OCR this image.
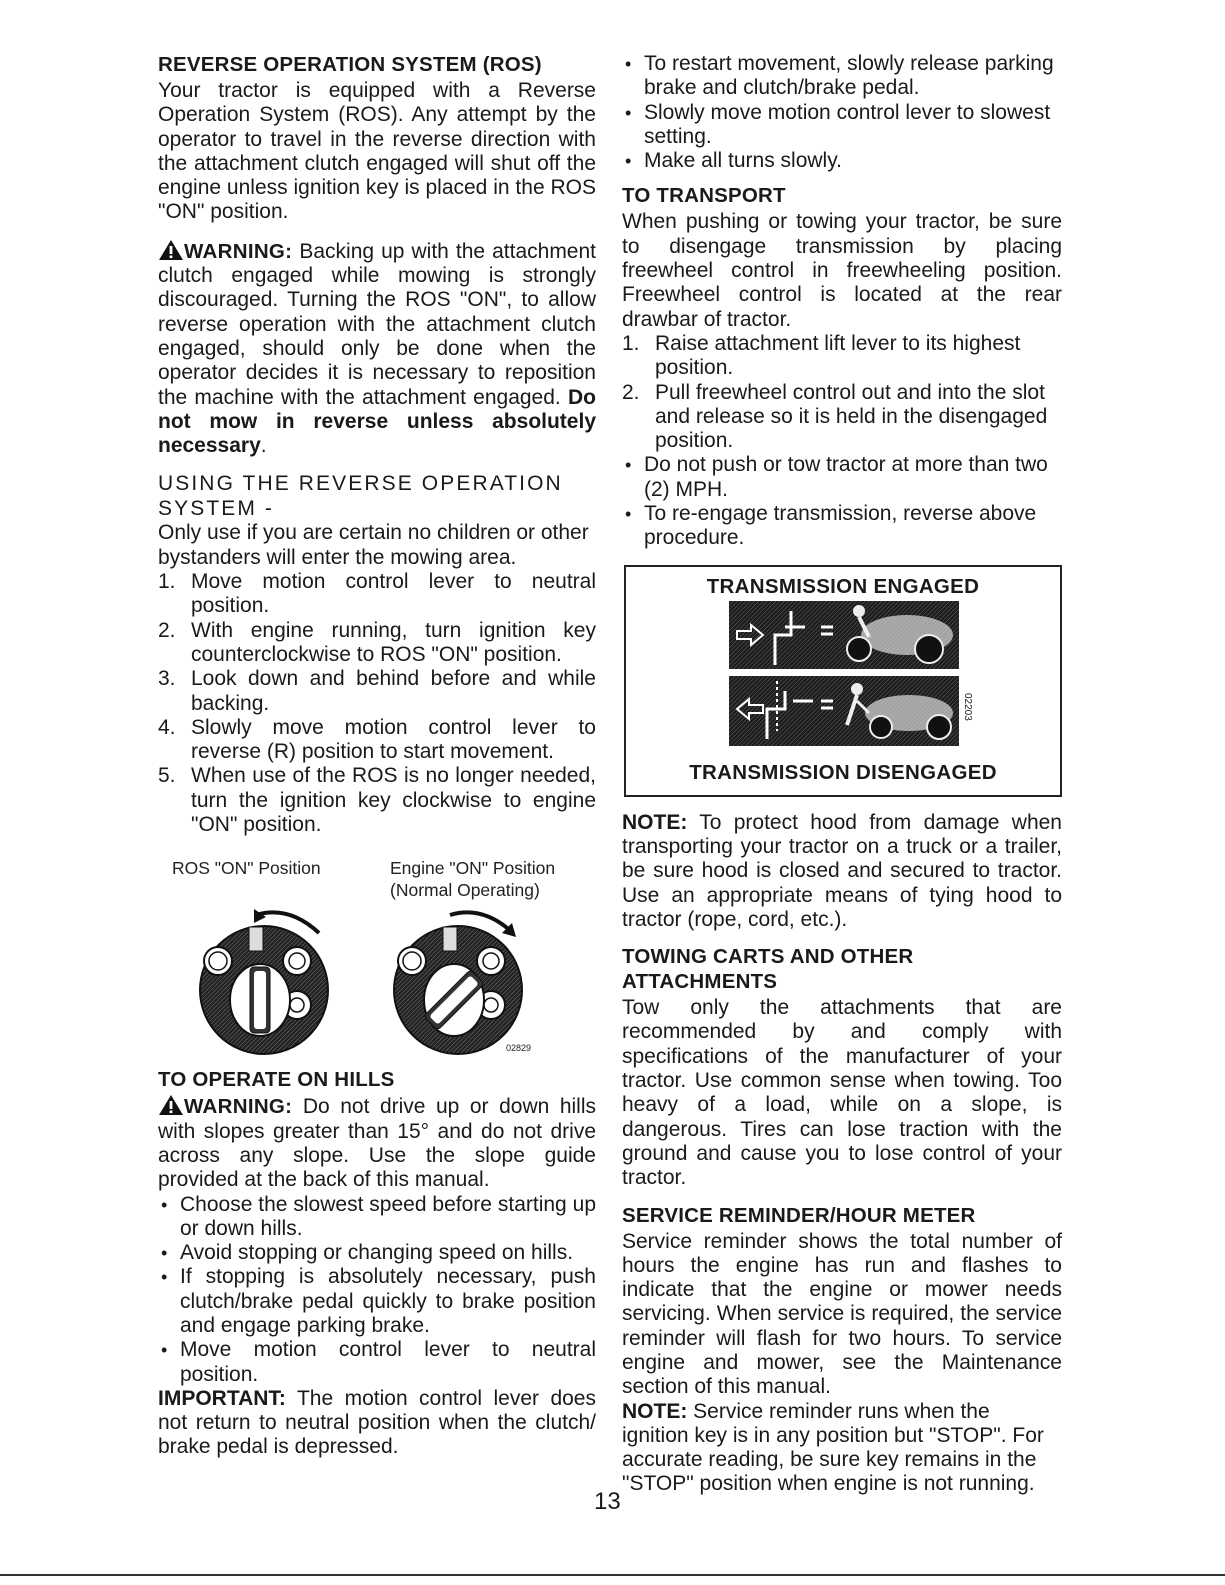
REVERSE OPERATION SYSTEM (ROS)

Your tractor is equipped with a Reverse Operation System (ROS). Any attempt by the operator to travel in the reverse direction with the attachment clutch engaged will shut off the engine unless ignition key is placed in the ROS "ON" position.

WARNING: Backing up with the attachment clutch engaged while mowing is strongly discouraged. Turning the ROS "ON", to allow reverse operation with the attachment clutch engaged, should only be done when the operator decides it is necessary to reposition the machine with the attachment engaged. Do not mow in reverse unless absolutely necessary.

USING THE REVERSE OPERATION SYSTEM -

Only use if you are certain no children or other bystanders will enter the mowing area.

1. Move motion control lever to neutral position.
2. With engine running, turn ignition key counterclockwise to ROS "ON" position.
3. Look down and behind before and while backing.
4. Slowly move motion control lever to reverse (R) position to start movement.
5. When use of the ROS is no longer needed, turn the ignition key clockwise to engine "ON" position.
ROS "ON" Position	Engine "ON" Position
(Normal Operating)
02829
TO OPERATE ON HILLS

WARNING: Do not drive up or down hills with slopes greater than 15° and do not drive across any slope. Use the slope guide provided at the back of this manual.

• Choose the slowest speed before starting up or down hills.
• Avoid stopping or changing speed on hills.
• If stopping is absolutely necessary, push clutch/brake pedal quickly to brake position and engage parking brake.
• Move motion control lever to neutral position.

IMPORTANT: The motion control lever does not return to neutral position when the clutch/ brake pedal is depressed.

• To restart movement, slowly release parking brake and clutch/brake pedal.
• Slowly move motion control lever to slowest setting.
• Make all turns slowly.
TO TRANSPORT

When pushing or towing your tractor, be sure to disengage transmission by placing freewheel control in freewheeling position. Freewheel control is located at the rear drawbar of tractor.

1. Raise attachment lift lever to its highest position.
2. Pull freewheel control out and into the slot and release so it is held in the disengaged position.
• Do not push or tow tractor at more than two (2) MPH.
• To re-engage transmission, reverse above procedure.
TRANSMISSION ENGAGED
02203
TRANSMISSION DISENGAGED

NOTE: To protect hood from damage when transporting your tractor on a truck or a trailer, be sure hood is closed and secured to tractor. Use an appropriate means of tying hood to tractor (rope, cord, etc.).

TOWING CARTS AND OTHER ATTACHMENTS

Tow only the attachments that are recommended by and comply with specifications of the manufacturer of your tractor. Use common sense when towing. Too heavy of a load, while on a slope, is dangerous. Tires can lose traction with the ground and cause you to lose control of your tractor.

SERVICE REMINDER/HOUR METER

Service reminder shows the total number of hours the engine has run and flashes to indicate that the engine or mower needs servicing. When service is required, the service reminder will flash for two hours. To service engine and mower, see the Maintenance section of this manual.

NOTE: Service reminder runs when the ignition key is in any position but "STOP". For accurate reading, be sure key remains in the "STOP" position when engine is not running.

13
